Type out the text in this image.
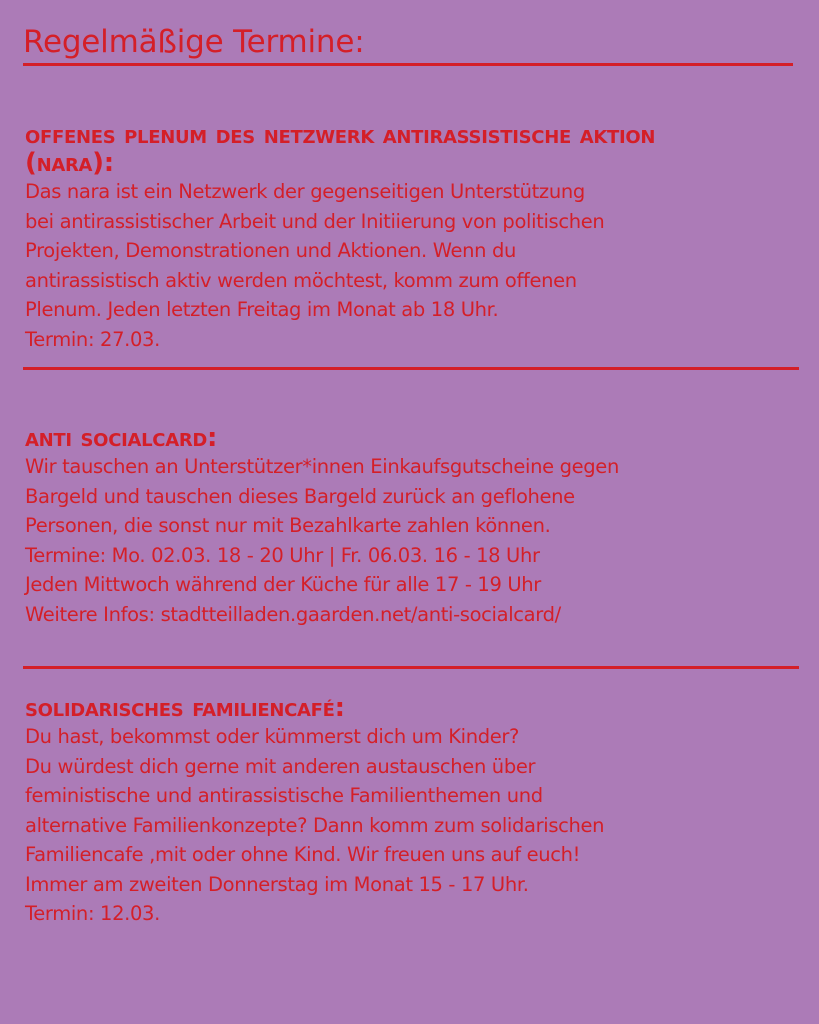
Regelmäßige Termine:
offenes plenum des netzwerk antirassistische aktion
(nara):

Das nara ist ein Netzwerk der gegenseitigen Unterstützung
bei antirassistischer Arbeit und der Initiierung von politischen
Projekten, Demonstrationen und Aktionen. Wenn du
antirassistisch aktiv werden möchtest, komm zum offenen
Plenum. Jeden letzten Freitag im Monat ab 18 Uhr.
Termin: 27.03.

anti socialcard:

Wir tauschen an Unterstützer*innen Einkaufsgutscheine gegen
Bargeld und tauschen dieses Bargeld zurück an geflohene
Personen, die sonst nur mit Bezahlkarte zahlen können.
Termine: Mo. 02.03. 18 - 20 Uhr | Fr. 06.03. 16 - 18 Uhr
Jeden Mittwoch während der Küche für alle 17 - 19 Uhr
Weitere Infos: stadtteilladen.gaarden.net/anti-socialcard/

solidarisches familiencafé:

Du hast, bekommst oder kümmerst dich um Kinder?
Du würdest dich gerne mit anderen austauschen über
feministische und antirassistische Familienthemen und
alternative Familienkonzepte? Dann komm zum solidarischen
Familiencafe ,mit oder ohne Kind. Wir freuen uns auf euch!
Immer am zweiten Donnerstag im Monat 15 - 17 Uhr.
Termin: 12.03.
